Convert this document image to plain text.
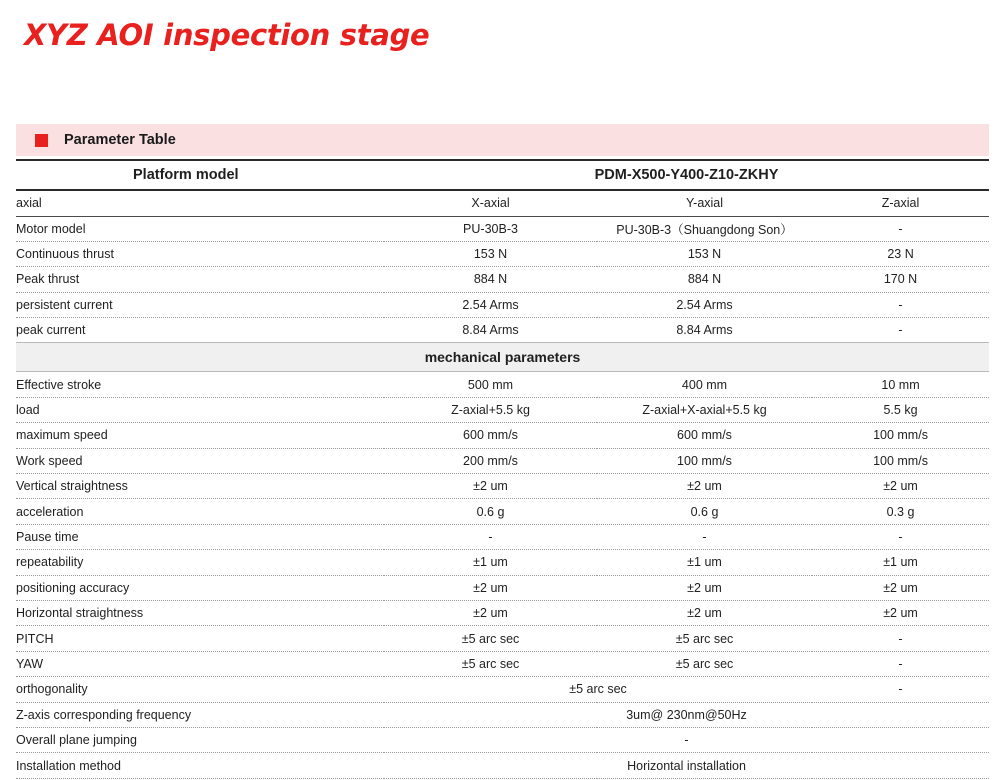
XYZ AOI inspection stage
Parameter Table
Platform model	PDM-X500-Y400-Z10-ZKHY		
axial	X-axial	Y-axial	Z-axial
Motor model	PU-30B-3	PU-30B-3（Shuangdong Son）	-
Continuous thrust	153 N	153 N	23 N
Peak thrust	884 N	884 N	170 N
persistent current	2.54 Arms	2.54 Arms	-
peak current	8.84 Arms	8.84 Arms	-
mechanical parameters			
Effective stroke	500 mm	400 mm	10 mm
load	Z-axial+5.5 kg	Z-axial+X-axial+5.5 kg	5.5 kg
maximum speed	600 mm/s	600 mm/s	100 mm/s
Work speed	200 mm/s	100 mm/s	100 mm/s
Vertical straightness	±2 um	±2 um	±2 um
acceleration	0.6 g	0.6 g	0.3 g
Pause time	-	-	-
repeatability	±1 um	±1 um	±1 um
positioning accuracy	±2 um	±2 um	±2 um
Horizontal straightness	±2 um	±2 um	±2 um
PITCH	±5 arc sec	±5 arc sec	-
YAW	±5 arc sec	±5 arc sec	-
orthogonality	±5 arc sec		-
Z-axis corresponding frequency	3um@ 230nm@50Hz		
Overall plane jumping	-		
Installation method	Horizontal installation		
